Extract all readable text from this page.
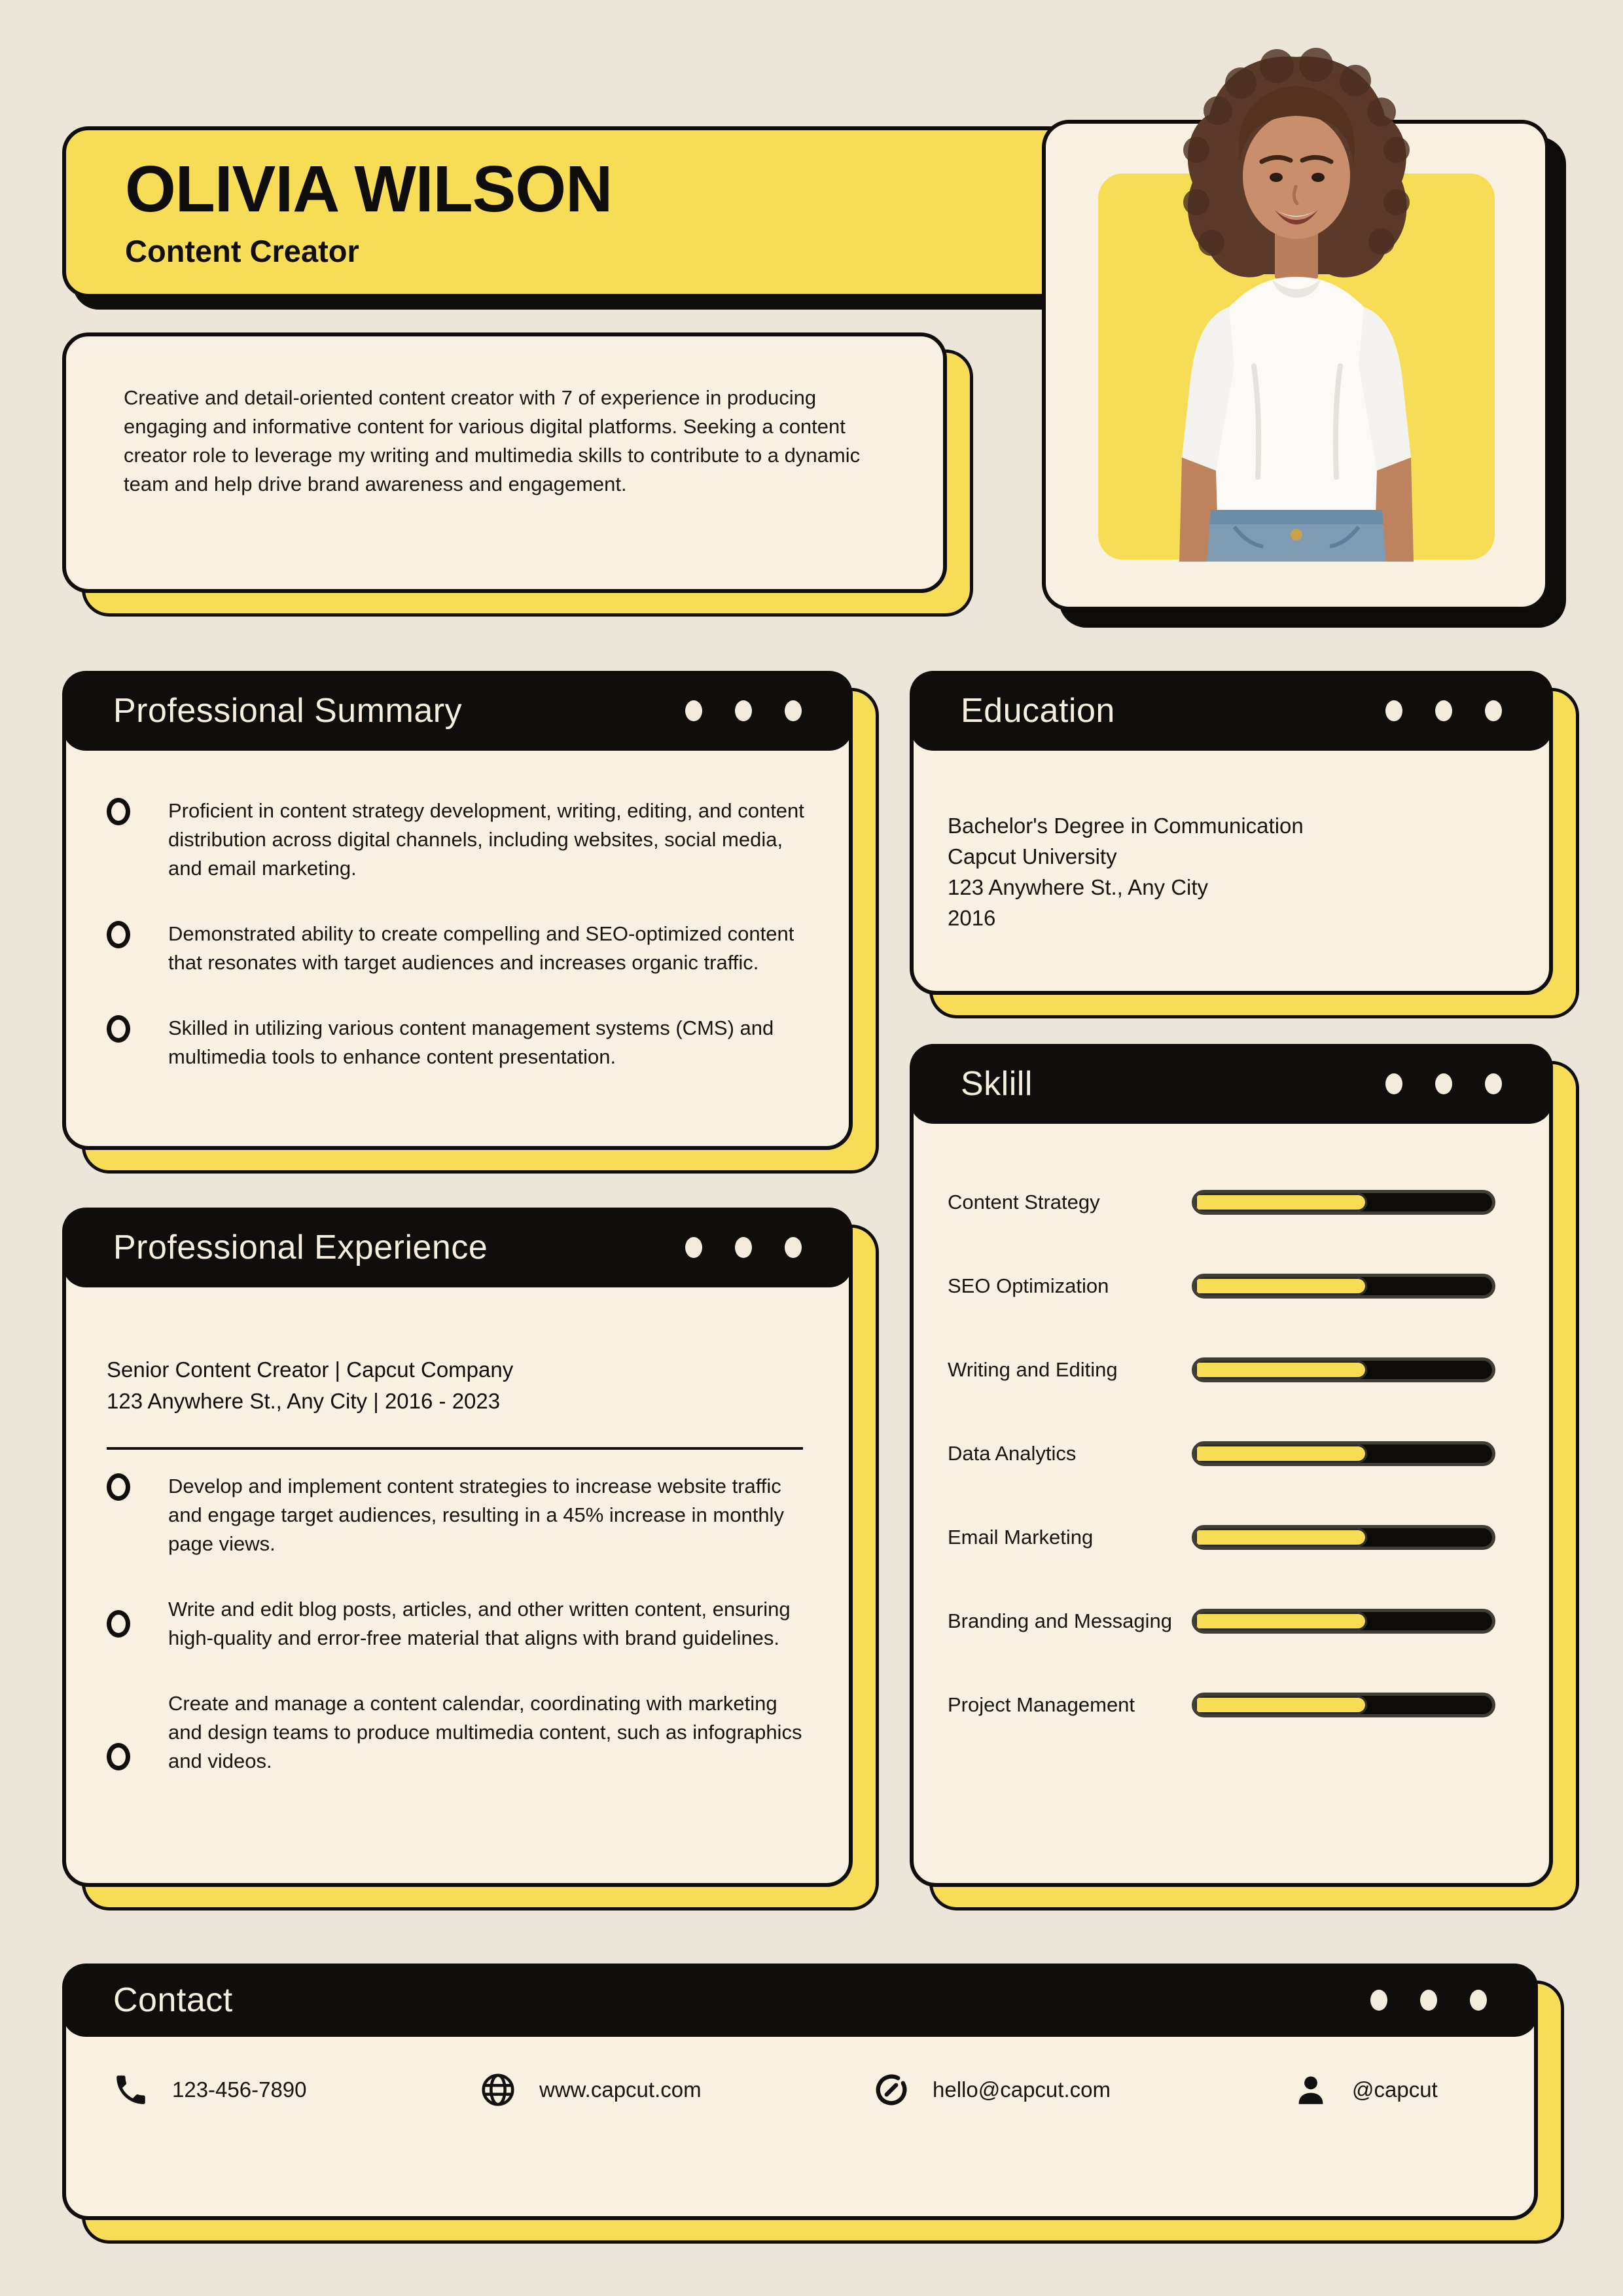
OLIVIA WILSON
Content Creator
Creative and detail-oriented content creator with 7 of experience in producing engaging and informative content for various digital platforms. Seeking a content creator role to leverage my writing and multimedia skills to contribute to a dynamic team and help drive brand awareness and engagement.
Professional Summary
Proficient in content strategy development, writing, editing, and content distribution across digital channels, including websites, social media, and email marketing.
Demonstrated ability to create compelling and SEO-optimized content that resonates with target audiences and increases organic traffic.
Skilled in utilizing various content management systems (CMS) and multimedia tools to enhance content presentation.
Education
Bachelor's Degree in Communication
Capcut University
123 Anywhere St., Any City
2016
Sklill
Content Strategy
SEO Optimization
Writing and Editing
Data Analytics
Email Marketing
Branding and Messaging
Project Management
Professional Experience
Senior Content Creator | Capcut Company
123 Anywhere St., Any City | 2016 - 2023
Develop and implement content strategies to increase website traffic and engage target audiences, resulting in a 45% increase in monthly page views.
Write and edit blog posts, articles, and other written content, ensuring high-quality and error-free material that aligns with brand guidelines.
Create and manage a content calendar, coordinating with marketing and design teams to produce multimedia content, such as infographics and videos.
Contact
123-456-7890	www.capcut.com	hello@capcut.com	@capcut
